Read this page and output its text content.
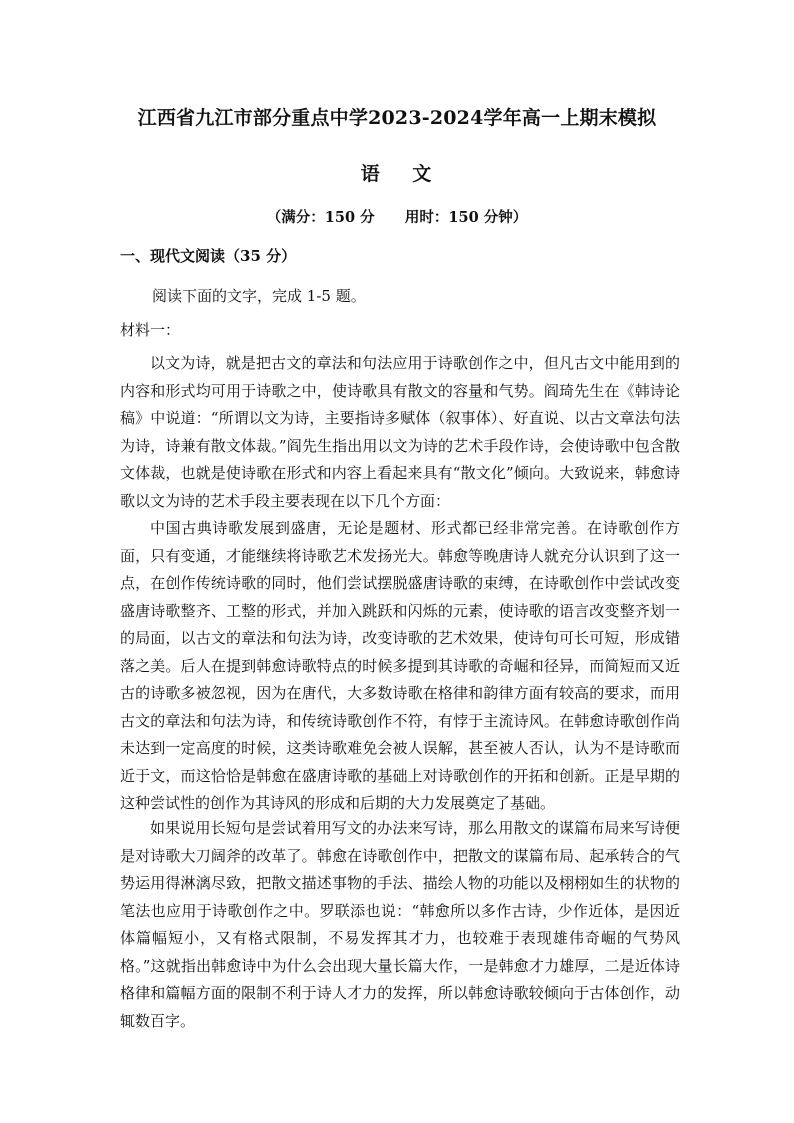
江西省九江市部分重点中学2023-2024学年高一上期末模拟
语 文
（满分：150 分      用时：150 分钟）
一、现代文阅读（35 分）
阅读下面的文字，完成 1-5 题。
材料一：

以文为诗，就是把古文的章法和句法应用于诗歌创作之中，但凡古文中能用到的内容和形式均可用于诗歌之中，使诗歌具有散文的容量和气势。阎琦先生在《韩诗论稿》中说道：“所谓以文为诗，主要指诗多赋体（叙事体）、好直说、以古文章法句法为诗，诗兼有散文体裁。”阎先生指出用以文为诗的艺术手段作诗，会使诗歌中包含散文体裁，也就是使诗歌在形式和内容上看起来具有“散文化”倾向。大致说来，韩愈诗歌以文为诗的艺术手段主要表现在以下几个方面：

中国古典诗歌发展到盛唐，无论是题材、形式都已经非常完善。在诗歌创作方面，只有变通，才能继续将诗歌艺术发扬光大。韩愈等晚唐诗人就充分认识到了这一点，在创作传统诗歌的同时，他们尝试摆脱盛唐诗歌的束缚，在诗歌创作中尝试改变盛唐诗歌整齐、工整的形式，并加入跳跃和闪烁的元素，使诗歌的语言改变整齐划一的局面，以古文的章法和句法为诗，改变诗歌的艺术效果，使诗句可长可短，形成错落之美。后人在提到韩愈诗歌特点的时候多提到其诗歌的奇崛和径异，而简短而又近古的诗歌多被忽视，因为在唐代，大多数诗歌在格律和韵律方面有较高的要求，而用古文的章法和句法为诗，和传统诗歌创作不符，有悖于主流诗风。在韩愈诗歌创作尚未达到一定高度的时候，这类诗歌难免会被人误解，甚至被人否认，认为不是诗歌而近于文，而这恰恰是韩愈在盛唐诗歌的基础上对诗歌创作的开拓和创新。正是早期的这种尝试性的创作为其诗风的形成和后期的大力发展奠定了基础。

如果说用长短句是尝试着用写文的办法来写诗，那么用散文的谋篇布局来写诗便是对诗歌大刀阔斧的改革了。韩愈在诗歌创作中，把散文的谋篇布局、起承转合的气势运用得淋漓尽致，把散文描述事物的手法、描绘人物的功能以及栩栩如生的状物的笔法也应用于诗歌创作之中。罗联添也说：“韩愈所以多作古诗，少作近体，是因近体篇幅短小，又有格式限制，不易发挥其才力，也较难于表现雄伟奇崛的气势风格。”这就指出韩愈诗中为什么会出现大量长篇大作，一是韩愈才力雄厚，二是近体诗格律和篇幅方面的限制不利于诗人才力的发挥，所以韩愈诗歌较倾向于古体创作，动辄数百字。
